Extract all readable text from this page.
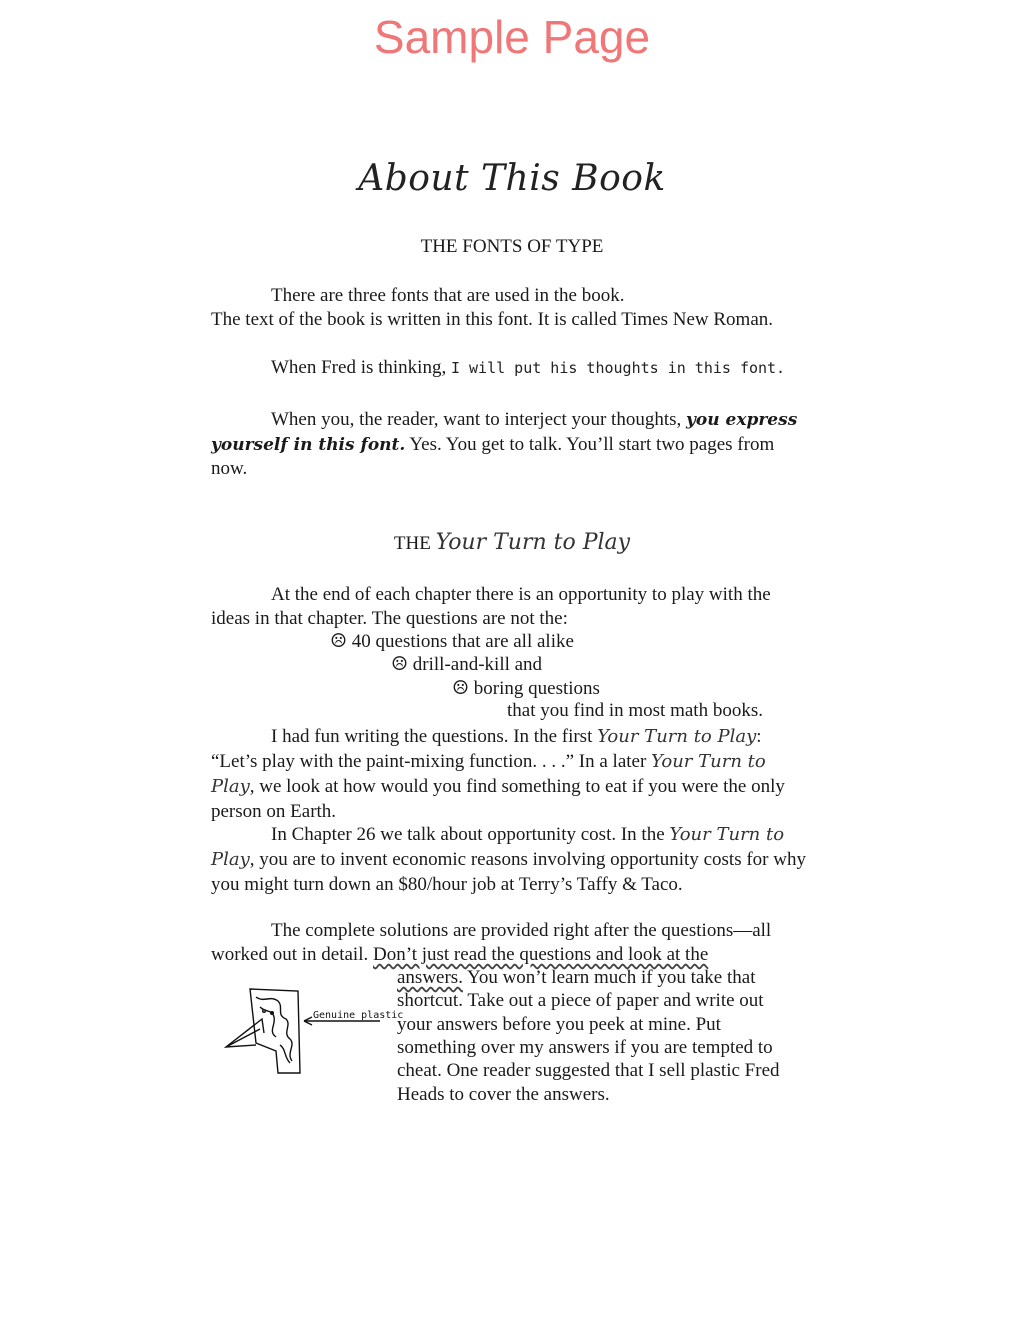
Sample Page
About This Book
THE FONTS OF TYPE
There are three fonts that are used in the book.
The text of the book is written in this font. It is called Times New Roman.
When Fred is thinking, I will put his thoughts in this font.
When you, the reader, want to interject your thoughts, you express yourself in this font. Yes. You get to talk. You’ll start two pages from now.
THE Your Turn to Play
At the end of each chapter there is an opportunity to play with the ideas in that chapter. The questions are not the:
☹ 40 questions that are all alike
☹ drill-and-kill and
☹ boring questions
that you find in most math books.
I had fun writing the questions. In the first Your Turn to Play: “Let’s play with the paint-mixing function. . . .” In a later Your Turn to Play, we look at how would you find something to eat if you were the only person on Earth.
In Chapter 26 we talk about opportunity cost. In the Your Turn to Play, you are to invent economic reasons involving opportunity costs for why you might turn down an $80/hour job at Terry’s Taffy & Taco.
The complete solutions are provided right after the questions—all
worked out in detail. Don’t just read the questions and look at the
answers. You won’t learn much if you take that
shortcut. Take out a piece of paper and write out
your answers before you peek at mine. Put
something over my answers if you are tempted to
cheat. One reader suggested that I sell plastic Fred
Heads to cover the answers.
Genuine plastic
